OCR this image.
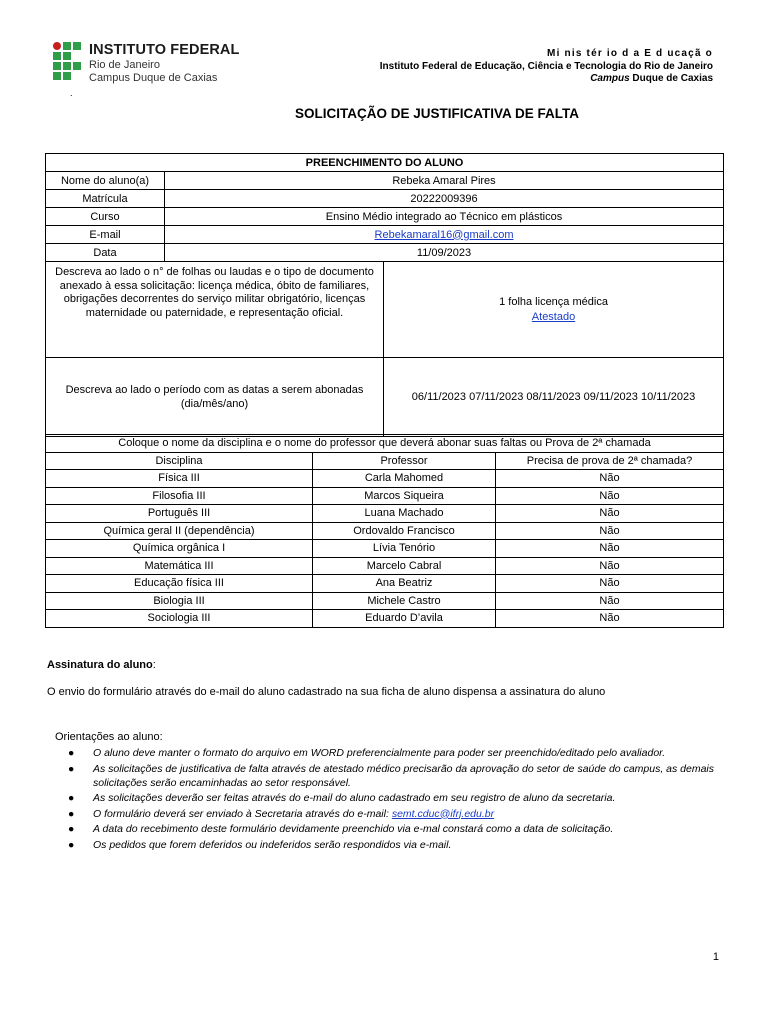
INSTITUTO FEDERAL
Rio de Janeiro
Campus Duque de Caxias
.
Mi nis tér io d a E d ucaçã o
Instituto Federal de Educação, Ciência e Tecnologia do Rio de Janeiro
Campus Duque de Caxias
SOLICITAÇÃO DE JUSTIFICATIVA DE FALTA
PREENCHIMENTO DO ALUNO		
Nome do aluno(a)	Rebeka Amaral Pires	
Matrícula	20222009396	
Curso	Ensino Médio integrado ao Técnico em plásticos	
E-mail	Rebekamaral16@gmail.com	
Data	11/09/2023	
Descreva ao lado o n° de folhas ou laudas e o tipo de documento anexado à essa solicitação: licença médica, óbito de familiares, obrigações decorrentes do serviço militar obrigatório, licenças maternidade ou paternidade, e representação oficial.		1 folha licença médica
Atestado

Descreva ao lado o período com as datas a serem abonadas (dia/mês/ano)		06/11/2023 07/11/2023 08/11/2023 09/11/2023 10/11/2023
Coloque o nome da disciplina e o nome do professor que deverá abonar suas faltas ou Prova de 2ª chamada		
Disciplina	Professor	Precisa de prova de 2ª chamada?
Física III	Carla Mahomed	Não
Filosofia III	Marcos Siqueira	Não
Português III	Luana Machado	Não
Química geral II (dependência)	Ordovaldo Francisco	Não
Química orgânica I	Lívia Tenório	Não
Matemática III	Marcelo Cabral	Não
Educação física III	Ana Beatriz	Não
Biologia III	Michele Castro	Não
Sociologia III	Eduardo D’avila	Não
Assinatura do aluno:
O envio do formulário através do e-mail do aluno cadastrado na sua ficha de aluno dispensa a assinatura do aluno
Orientações ao aluno:
● O aluno deve manter o formato do arquivo em WORD preferencialmente para poder ser preenchido/editado pelo avaliador.
● As solicitações de justificativa de falta através de atestado médico precisarão da aprovação do setor de saúde do campus, as demais solicitações serão encaminhadas ao setor responsável.
● As solicitações deverão ser feitas através do e-mail do aluno cadastrado em seu registro de aluno da secretaria.
● O formulário deverá ser enviado à Secretaria através do e-mail: semt.cduc@ifrj.edu.br
● A data do recebimento deste formulário devidamente preenchido via e-mal constará como a data de solicitação.
● Os pedidos que forem deferidos ou indeferidos serão respondidos via e-mail.
1
